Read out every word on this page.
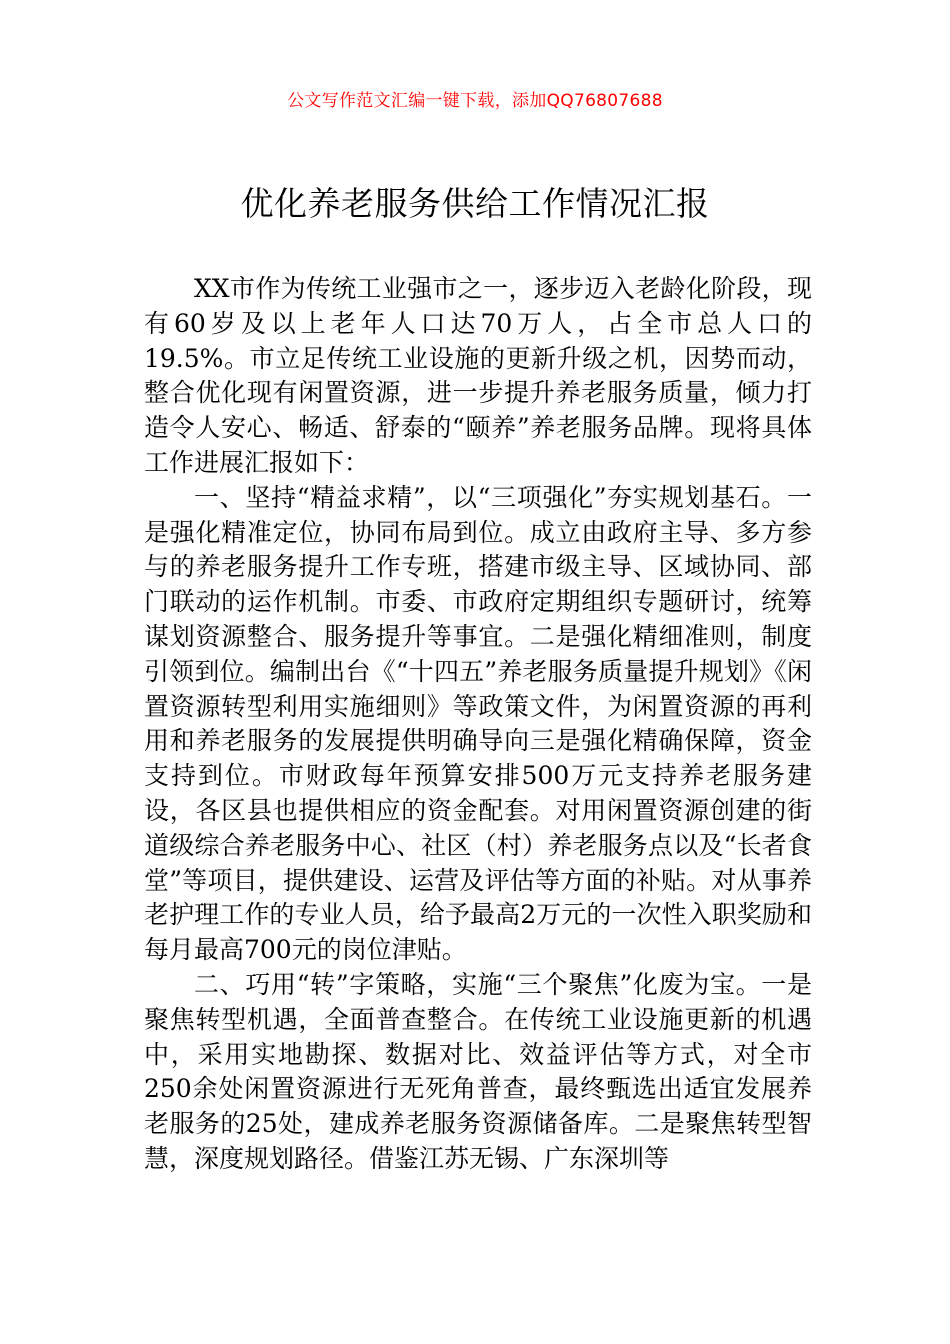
公文写作范文汇编一键下载，添加QQ76807688
优化养老服务供给工作情况汇报

XX市作为传统工业强市之一，逐步迈入老龄化阶段，现有60岁及以上老年人口达70万人，占全市总人口的19.5%。市立足传统工业设施的更新升级之机，因势而动，整合优化现有闲置资源，进一步提升养老服务质量，倾力打造令人安心、畅适、舒泰的“颐养”养老服务品牌。现将具体工作进展汇报如下：

一、坚持“精益求精”，以“三项强化”夯实规划基石。一是强化精准定位，协同布局到位。成立由政府主导、多方参与的养老服务提升工作专班，搭建市级主导、区域协同、部门联动的运作机制。市委、市政府定期组织专题研讨，统筹谋划资源整合、服务提升等事宜。二是强化精细准则，制度引领到位。编制出台《“十四五”养老服务质量提升规划》《闲置资源转型利用实施细则》等政策文件，为闲置资源的再利用和养老服务的发展提供明确导向三是强化精确保障，资金支持到位。市财政每年预算安排500万元支持养老服务建设，各区县也提供相应的资金配套。对用闲置资源创建的街道级综合养老服务中心、社区（村）养老服务点以及“长者食堂”等项目，提供建设、运营及评估等方面的补贴。对从事养老护理工作的专业人员，给予最高2万元的一次性入职奖励和每月最高700元的岗位津贴。

二、巧用“转”字策略，实施“三个聚焦”化废为宝。一是聚焦转型机遇，全面普查整合。在传统工业设施更新的机遇中，采用实地勘探、数据对比、效益评估等方式，对全市250余处闲置资源进行无死角普查，最终甄选出适宜发展养老服务的25处，建成养老服务资源储备库。二是聚焦转型智慧，深度规划路径。借鉴江苏无锡、广东深圳等
